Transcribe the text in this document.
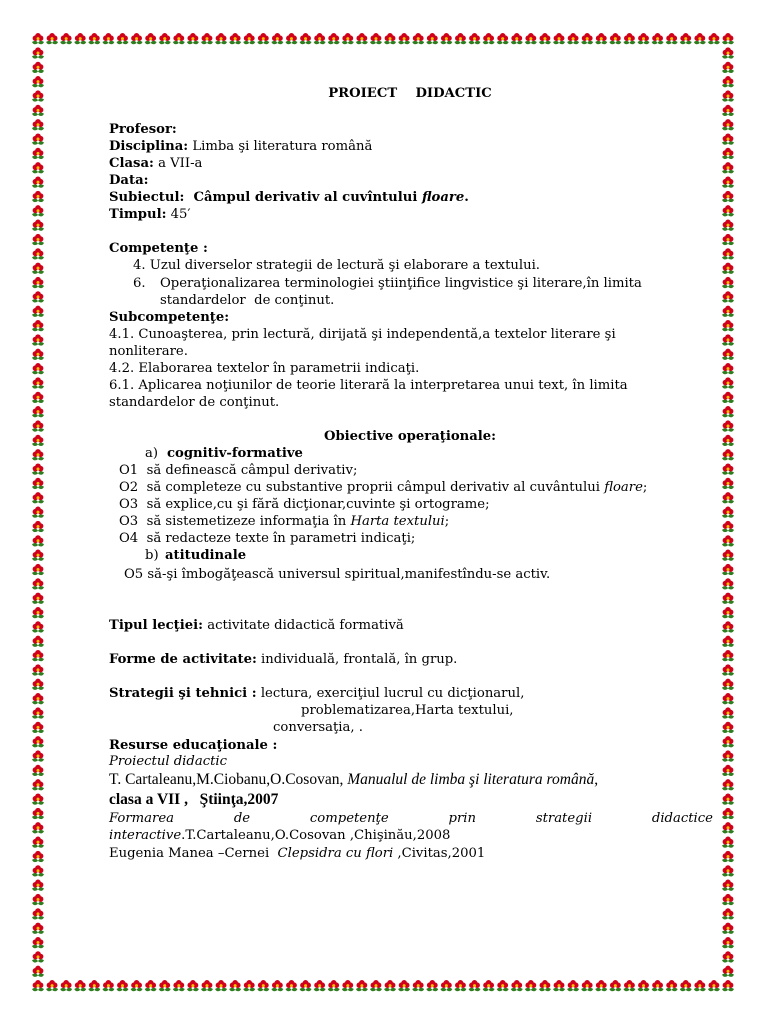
PROIECT    DIDACTIC
Profesor:
Disciplina: Limba şi literatura română
Clasa: a VII-a
Data:
Subiectul:  Câmpul derivativ al cuvîntului floare.
Timpul: 45′
Competenţe :
4. Uzul diverselor strategii de lectură şi elaborare a textului.
6. Operaţionalizarea terminologiei ştiinţifice lingvistice şi literare,în limita
standardelor  de conţinut.
Subcompetenţe:
4.1. Cunoaşterea, prin lectură, dirijată şi independentă,a textelor literare şi
nonliterare.
4.2. Elaborarea textelor în parametrii indicaţi.
6.1. Aplicarea noţiunilor de teorie literară la interpretarea unui text, în limita
standardelor de conţinut.
Obiective operaţionale:
a) cognitiv-formative
O1  să definească câmpul derivativ;
O2  să completeze cu substantive proprii câmpul derivativ al cuvântului floare;
O3  să explice,cu şi fără dicţionar,cuvinte şi ortograme;
O3  să sistemetizeze informaţia în Harta textului;
O4  să redacteze texte în parametri indicaţi;
b) atitudinale
O5 să-şi îmbogăţească universul spiritual,manifestîndu-se activ.
Tipul lecţiei: activitate didactică formativă
Forme de activitate: individuală, frontală, în grup.
Strategii şi tehnici : lectura, exerciţiul lucrul cu dicţionarul,
problematizarea,Harta textului,
conversaţia, .
Resurse educaţionale :
Proiectul didactic
T. Cartaleanu,M.Ciobanu,O.Cosovan, Manualul de limba şi literatura română,
clasa a VII ,   Ştiinţa,2007
Formarea	de	competenţe	prin	strategii	didactice
interactive.T.Cartaleanu,O.Cosovan ,Chişinău,2008
Eugenia Manea –Cernei  Clepsidra cu flori ,Civitas,2001
